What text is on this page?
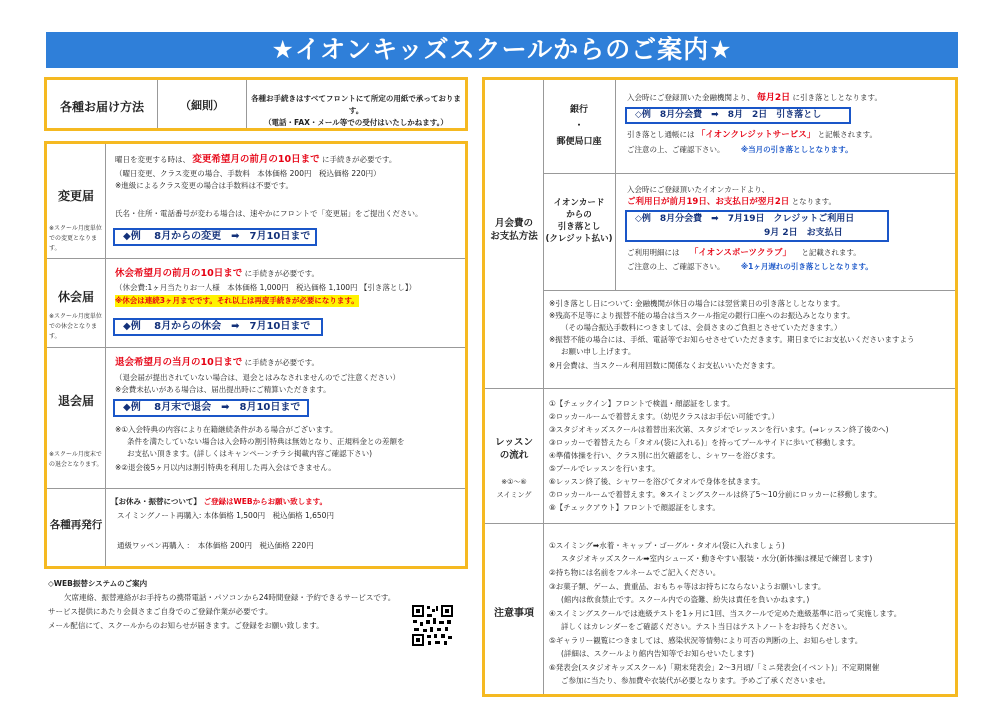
★イオンキッズスクールからのご案内★
各種お届け方法	（細則）
各種お手続きはすべてフロントにて所定の用紙で承っております。
（電話・FAX・メール等での受付はいたしかねます。）
変更届
※スクール月度単位での変更となります。
曜日を変更する時は、 変更希望月の前月の10日まで に手続きが必要です。
（曜日変更、クラス変更の場合、手数料　本体価格 200円　税込価格 220円）
※進級によるクラス変更の場合は手数料は不要です。
氏名・住所・電話番号が変わる場合は、速やかにフロントで「変更届」をご提出ください。
◆例　 8月からの変更　➡　7月10日まで
休会届
※スクール月度単位での休会となります。
休会希望月の前月の10日まで に手続きが必要です。
（休会費:1ヶ月当たりお一人様　本体価格 1,000円　税込価格 1,100円 【引き落とし】）
※休会は連続3ヶ月までです。それ以上は再度手続きが必要になります。
◆例　 8月からの休会　➡　7月10日まで
退会届
※スクール月度末での退会となります。
退会希望月の当月の10日まで に手続きが必要です。
（退会届が提出されていない場合は、退会とはみなされませんのでご注意ください）
※会費未払いがある場合は、届出提出時にご精算いただきます。
◆例　 8月末で退会　➡　8月10日まで
※①入会特典の内容により在籍継続条件がある場合がございます。
条件を満たしていない場合は入会時の割引特典は無効となり、正規料金との差額を
お支払い頂きます。(詳しくはキャンペーンチラシ掲載内容ご確認下さい)
※②退会後5ヶ月以内は割引特典を利用した再入会はできません。
各種再発行
【お休み・振替について】 ご登録はWEBからお願い致します。
スイミングノート再購入: 本体価格 1,500円　税込価格 1,650円
通級ワッペン再購入 ：　本体価格 200円　税込価格 220円
◇WEB振替システムのご案内
欠席連絡、振替連絡がお手持ちの携帯電話・パソコンから24時間登録・予約できるサービスです。
サービス提供にあたり会員さまご自身でのご登録作業が必要です。
メール配信にて、スクールからのお知らせが届きます。ご登録をお願い致します。
月会費の
お支払方法
銀行
・
郵便局口座
入会時にご登録頂いた金融機関より、 毎月2日 に引き落としとなります。
◇例　8月分会費　➡　8月　2日　引き落とし
引き落とし通帳には 「イオンクレジットサービス」 と記帳されます。
ご注意の上、ご確認下さい。 ※当月の引き落としとなります。
イオンカード
からの
引き落とし
(クレジット払い)
入会時にご登録頂いたイオンカードより、
ご利用日が前月19日、お支払日が翌月2日 となります。
◇例　8月分会費　➡　7月19日　クレジットご利用日
9月 2日　お支払日
ご利用明細には 「イオンスポーツクラブ」 と記載されます。
ご注意の上、ご確認下さい。 ※1ヶ月遅れの引き落としとなります。
※引き落とし日について: 金融機関が休日の場合には翌営業日の引き落としとなります。
※残高不足等により振替不能の場合は当スクール指定の銀行口座へのお振込みとなります。
（その場合振込手数料につきましては、会員さまのご負担とさせていただきます。）
※振替不能の場合には、手紙、電話等でお知らせさせていただきます。期日までにお支払いくださいますよう
お願い申し上げます。
※月会費は、当スクール利用回数に関係なくお支払いいただきます。
レッスン
の流れ
※①～⑥
スイミング
①【チェックイン】フロントで検温・顔認証をします。
②ロッカールームで着替えます。（幼児クラスはお手伝い可能です。）
③スタジオキッズスクールは着替出来次第、スタジオでレッスンを行います。(⇒レッスン終了後⑦へ)
③ロッカーで着替えたら「タオル(袋に入れる)」を持ってプールサイドに歩いて移動します。
④準備体操を行い、クラス別に出欠確認をし、シャワーを浴びます。
⑤プールでレッスンを行います。
⑥レッスン終了後、シャワーを浴びてタオルで身体を拭きます。
⑦ロッカールームで着替えます。※スイミングスクールは終了5～10分前にロッカーに移動します。
⑧【チェックアウト】フロントで顔認証をします。
注意事項
①スイミング➡水着・キャップ・ゴーグル・タオル(袋に入れましょう)
スタジオキッズスクール➡室内シューズ・動きやすい服装・水分(新体操は裸足で練習します)
②持ち物には名前をフルネームでご記入ください。
③お菓子類、ゲーム、貴重品、おもちゃ等はお持ちにならないようお願いします。
(館内は飲食禁止です。スクール内での盗難、紛失は責任を負いかねます。)
④スイミングスクールでは進級テストを1ヶ月に1回、当スクールで定めた進級基準に沿って実施します。
詳しくはカレンダーをご確認ください。テスト当日はテストノートをお持ちください。
⑤ギャラリー観覧につきましては、感染状況等情勢により可否の判断の上、お知らせします。
(詳細は、スクールより館内告知等でお知らせいたします)
⑥発表会(スタジオキッズスクール)「期末発表会」2～3月頃/「ミニ発表会(イベント)」不定期開催
ご参加に当たり、参加費や衣装代が必要となります。予めご了承くださいませ。
